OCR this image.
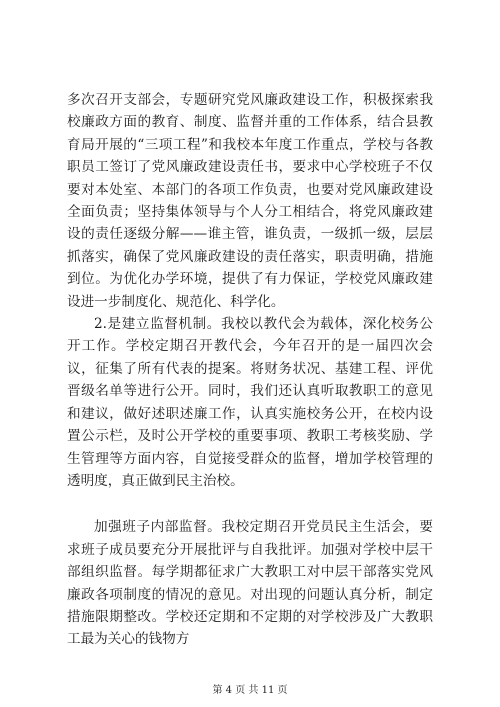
多次召开支部会，专题研究党风廉政建设工作，积极探索我校廉政方面的教育、制度、监督并重的工作体系，结合县教育局开展的“三项工程”和我校本年度工作重点，学校与各教职员工签订了党风廉政建设责任书，要求中心学校班子不仅要对本处室、本部门的各项工作负责，也要对党风廉政建设全面负责；坚持集体领导与个人分工相结合，将党风廉政建设的责任逐级分解——谁主管，谁负责，一级抓一级，层层抓落实，确保了党风廉政建设的责任落实，职责明确，措施到位。为优化办学环境，提供了有力保证，学校党风廉政建设进一步制度化、规范化、科学化。

2.是建立监督机制。我校以教代会为载体，深化校务公开工作。学校定期召开教代会，今年召开的是一届四次会议，征集了所有代表的提案。将财务状况、基建工程、评优晋级名单等进行公开。同时，我们还认真听取教职工的意见和建议，做好述职述廉工作，认真实施校务公开，在校内设置公示栏，及时公开学校的重要事项、教职工考核奖励、学生管理等方面内容，自觉接受群众的监督，增加学校管理的透明度，真正做到民主治校。

加强班子内部监督。我校定期召开党员民主生活会，要求班子成员要充分开展批评与自我批评。加强对学校中层干部组织监督。每学期都征求广大教职工对中层干部落实党风廉政各项制度的情况的意见。对出现的问题认真分析，制定措施限期整改。学校还定期和不定期的对学校涉及广大教职工最为关心的钱物方

第 4 页 共 11 页
